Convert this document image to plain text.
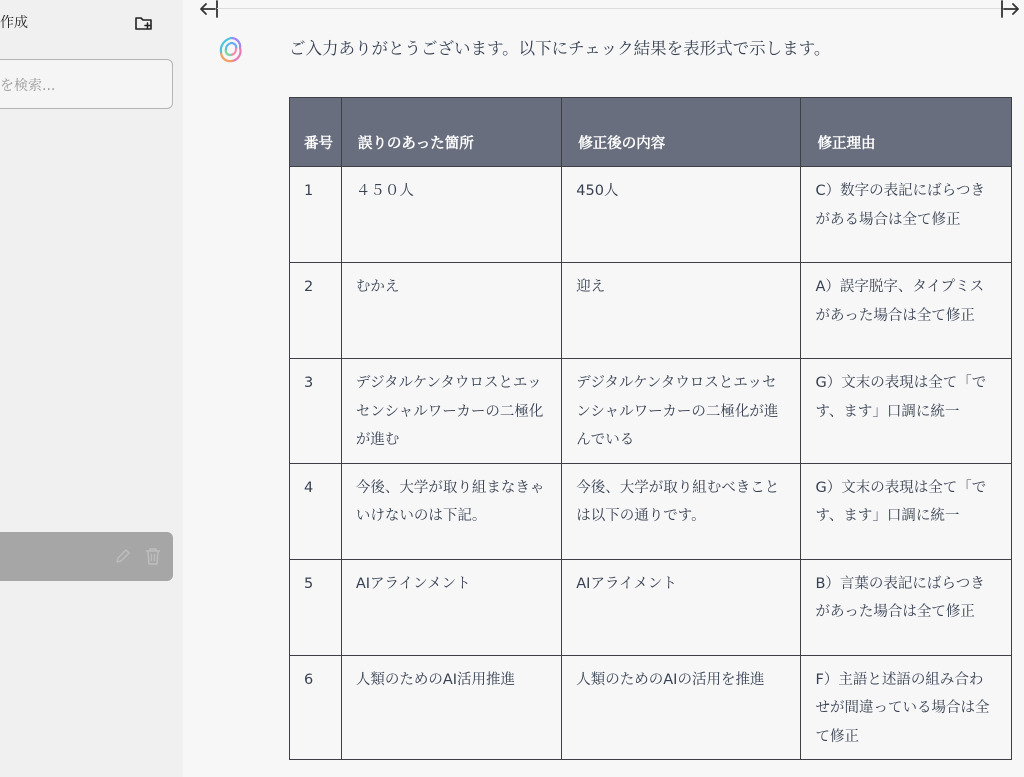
作成
を検索...
ご入力ありがとうございます。以下にチェック結果を表形式で示します。
番号	誤りのあった箇所	修正後の内容	修正理由

1	４５０人	450人	C）数字の表記にばらつきがある場合は全て修正

2	むかえ	迎え	A）誤字脱字、タイプミスがあった場合は全て修正

3	デジタルケンタウロスとエッセンシャルワーカーの二極化が進む	デジタルケンタウロスとエッセンシャルワーカーの二極化が進んでいる	G）文末の表現は全て「です、ます」口調に統一

4	今後、大学が取り組まなきゃいけないのは下記。	今後、大学が取り組むべきことは以下の通りです。	G）文末の表現は全て「です、ます」口調に統一

5	AIアラインメント	AIアライメント	B）言葉の表記にばらつきがあった場合は全て修正

6	人類のためのAI活用推進	人類のためのAIの活用を推進	F）主語と述語の組み合わせが間違っている場合は全て修正
